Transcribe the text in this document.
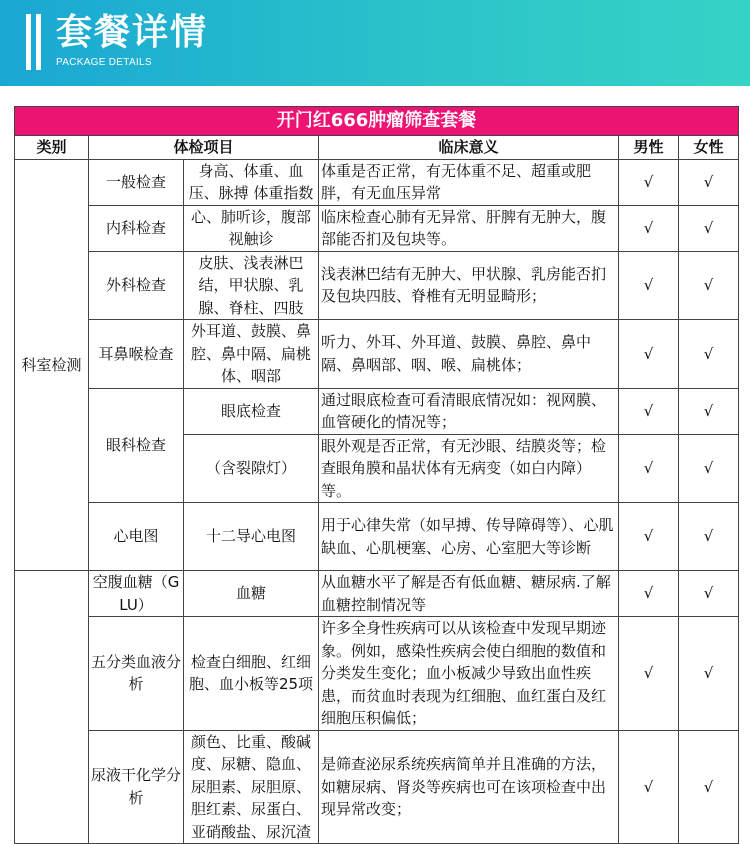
套餐详情
PACKAGE DETAILS
开门红666肿瘤筛查套餐					
类别	体检项目		临床意义	男性	女性
科室检测	一般检查	身高、体重、血压、脉搏 体重指数	体重是否正常，有无体重不足、超重或肥胖，有无血压异常	√	√
	内科检查	心、肺听诊，腹部视触诊	临床检查心肺有无异常、肝脾有无肿大，腹部能否扪及包块等。	√	√
	外科检查	皮肤、浅表淋巴结，甲状腺、乳腺、脊柱、四肢	浅表淋巴结有无肿大、甲状腺、乳房能否扪及包块四肢、脊椎有无明显畸形；	√	√
	耳鼻喉检查	外耳道、鼓膜、鼻腔、鼻中隔、扁桃体、咽部	听力、外耳、外耳道、鼓膜、鼻腔、鼻中隔、鼻咽部、咽、喉、扁桃体；	√	√
	眼科检查	眼底检查	通过眼底检查可看清眼底情况如：视网膜、血管硬化的情况等；	√	√
		（含裂隙灯）	眼外观是否正常，有无沙眼、结膜炎等；检查眼角膜和晶状体有无病变（如白内障）等。	√	√
	心电图	十二导心电图	用于心律失常（如早搏、传导障碍等）、心肌缺血、心肌梗塞、心房、心室肥大等诊断	√	√
	空腹血糖（GLU）	血糖	从血糖水平了解是否有低血糖、糖尿病.了解血糖控制情况等	√	√
	五分类血液分析	检查白细胞、红细胞、血小板等25项	许多全身性疾病可以从该检查中发现早期迹象。例如，感染性疾病会使白细胞的数值和分类发生变化；血小板减少导致出血性疾患，而贫血时表现为红细胞、血红蛋白及红细胞压积偏低；	√	√
	尿液干化学分析	颜色、比重、酸碱度、尿糖、隐血、尿胆素、尿胆原、胆红素、尿蛋白、亚硝酸盐、尿沉渣	是筛查泌尿系统疾病简单并且准确的方法，如糖尿病、肾炎等疾病也可在该项检查中出现异常改变；	√	√
